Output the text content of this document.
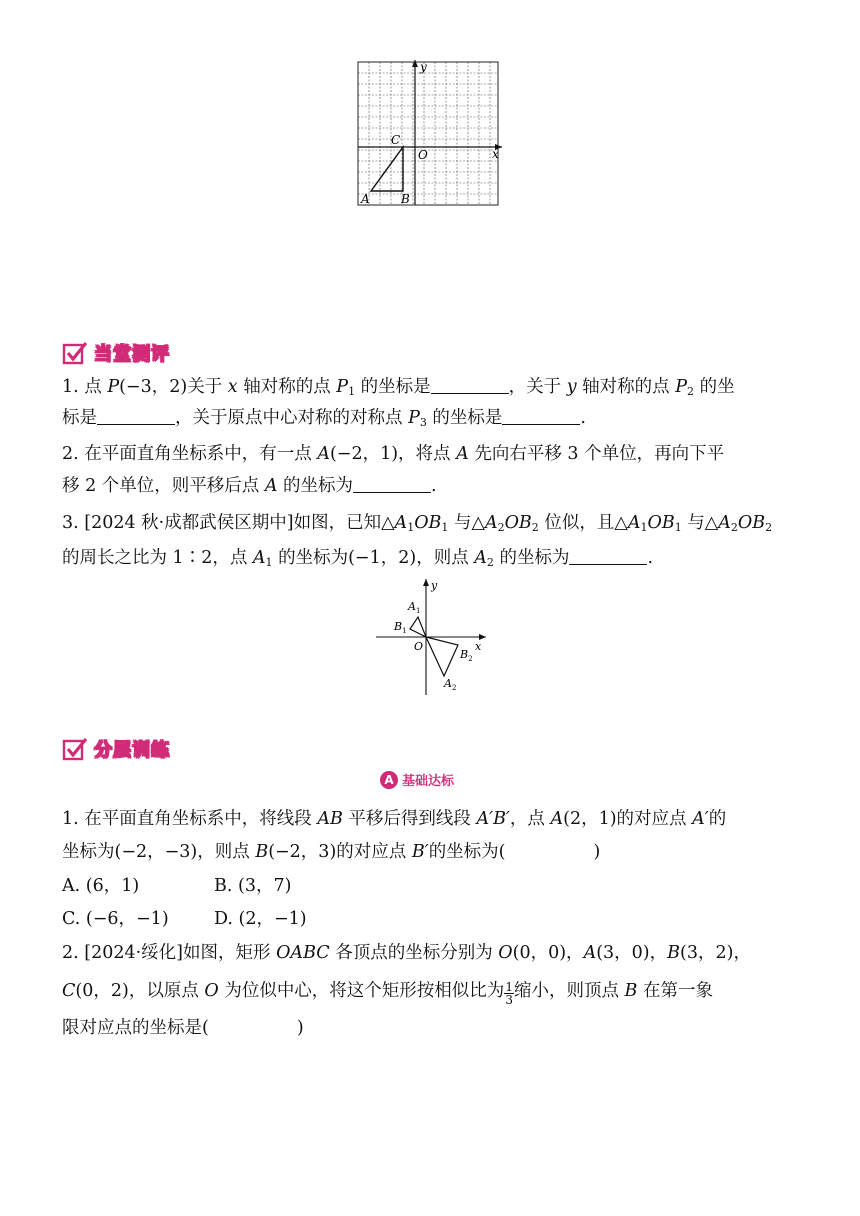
y
x
C
O
A	B
当堂测评
1. 点 P(−3，2)关于 x 轴对称的点 $P_1$ 的坐标是	，关于 y 轴对称的点 $P_2$ 的坐
标是	，关于原点中心对称的对称点 $P_3$ 的坐标是	.
2. 在平面直角坐标系中，有一点 A(−2，1)，将点 A 先向右平移 3 个单位，再向下平
移 2 个单位，则平移后点 A 的坐标为	.
3. [2024 秋·成都武侯区期中]如图，已知$\triangle A_1OB_1$ 与$\triangle A_2OB_2$ 位似，且$\triangle A_1OB_1$ 与$\triangle A_2OB_2$
的周长之比为 1∶2，点 $A_1$ 的坐标为(−1，2)，则点 $A_2$ 的坐标为	.
y
x
O
$A_1$
$B_1$
$B_2$
$A_2$
分层训练
A 基础达标
1. 在平面直角坐标系中，将线段 AB 平移后得到线段 A′B′，点 A(2，1)的对应点 A′的
坐标为(−2，−3)，则点 B(−2，3)的对应点 B′的坐标为(	)
A. (6，1)	B. (3，7)
C. (−6，−1)	D. (2，−1)
2. [2024·绥化]如图，矩形 OABC 各顶点的坐标分别为 O(0，0)，A(3，0)，B(3，2)，
C(0，2)，以原点 O 为位似中心，将这个矩形按相似比为 $\frac{1}{3}$ 缩小，则顶点 B 在第一象
限对应点的坐标是(	)
